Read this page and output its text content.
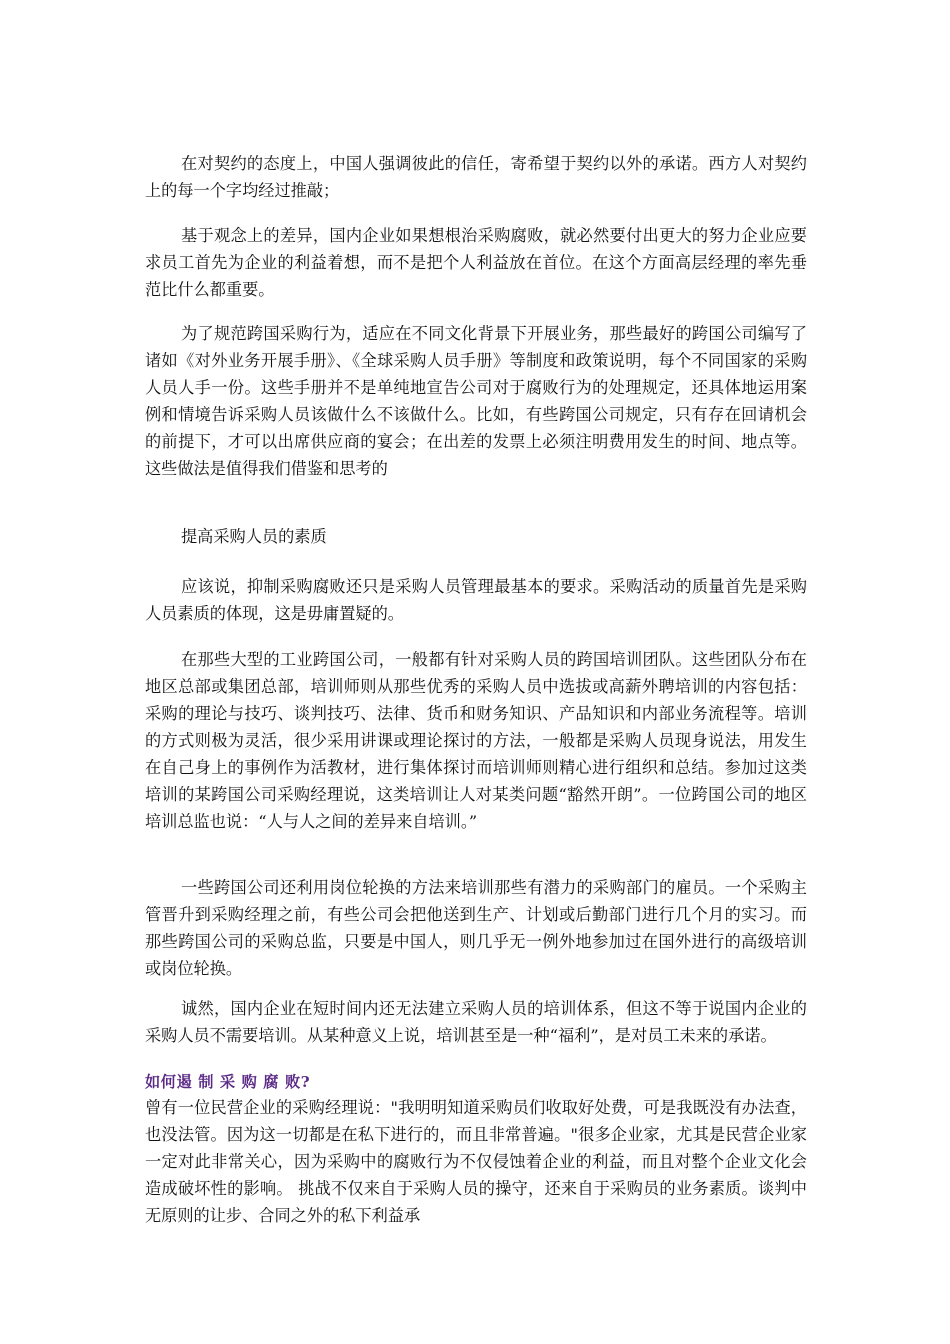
在对契约的态度上，中国人强调彼此的信任，寄希望于契约以外的承诺。西方人对契约上的每一个字均经过推敲；

基于观念上的差异，国内企业如果想根治采购腐败，就必然要付出更大的努力企业应要求员工首先为企业的利益着想，而不是把个人利益放在首位。在这个方面高层经理的率先垂范比什么都重要。

为了规范跨国采购行为，适应在不同文化背景下开展业务，那些最好的跨国公司编写了诸如《对外业务开展手册》、《全球采购人员手册》等制度和政策说明，每个不同国家的采购人员人手一份。这些手册并不是单纯地宣告公司对于腐败行为的处理规定，还具体地运用案例和情境告诉采购人员该做什么不该做什么。比如，有些跨国公司规定，只有存在回请机会的前提下，才可以出席供应商的宴会；在出差的发票上必须注明费用发生的时间、地点等。这些做法是值得我们借鉴和思考的

提高采购人员的素质

应该说，抑制采购腐败还只是采购人员管理最基本的要求。采购活动的质量首先是采购人员素质的体现，这是毋庸置疑的。

在那些大型的工业跨国公司，一般都有针对采购人员的跨国培训团队。这些团队分布在地区总部或集团总部，培训师则从那些优秀的采购人员中选拔或高薪外聘培训的内容包括：采购的理论与技巧、谈判技巧、法律、货币和财务知识、产品知识和内部业务流程等。培训的方式则极为灵活，很少采用讲课或理论探讨的方法，一般都是采购人员现身说法，用发生在自己身上的事例作为活教材，进行集体探讨而培训师则精心进行组织和总结。参加过这类培训的某跨国公司采购经理说，这类培训让人对某类问题“豁然开朗”。一位跨国公司的地区培训总监也说：“人与人之间的差异来自培训。”

一些跨国公司还利用岗位轮换的方法来培训那些有潜力的采购部门的雇员。一个采购主管晋升到采购经理之前，有些公司会把他送到生产、计划或后勤部门进行几个月的实习。而那些跨国公司的采购总监，只要是中国人，则几乎无一例外地参加过在国外进行的高级培训或岗位轮换。

诚然，国内企业在短时间内还无法建立采购人员的培训体系，但这不等于说国内企业的采购人员不需要培训。从某种意义上说，培训甚至是一种“福利”，是对员工未来的承诺。

如何遏 制 采 购 腐 败?

曾有一位民营企业的采购经理说："我明明知道采购员们收取好处费，可是我既没有办法查，也没法管。因为这一切都是在私下进行的，而且非常普遍。"很多企业家，尤其是民营企业家一定对此非常关心，因为采购中的腐败行为不仅侵蚀着企业的利益，而且对整个企业文化会造成破坏性的影响。 挑战不仅来自于采购人员的操守，还来自于采购员的业务素质。谈判中无原则的让步、合同之外的私下利益承
